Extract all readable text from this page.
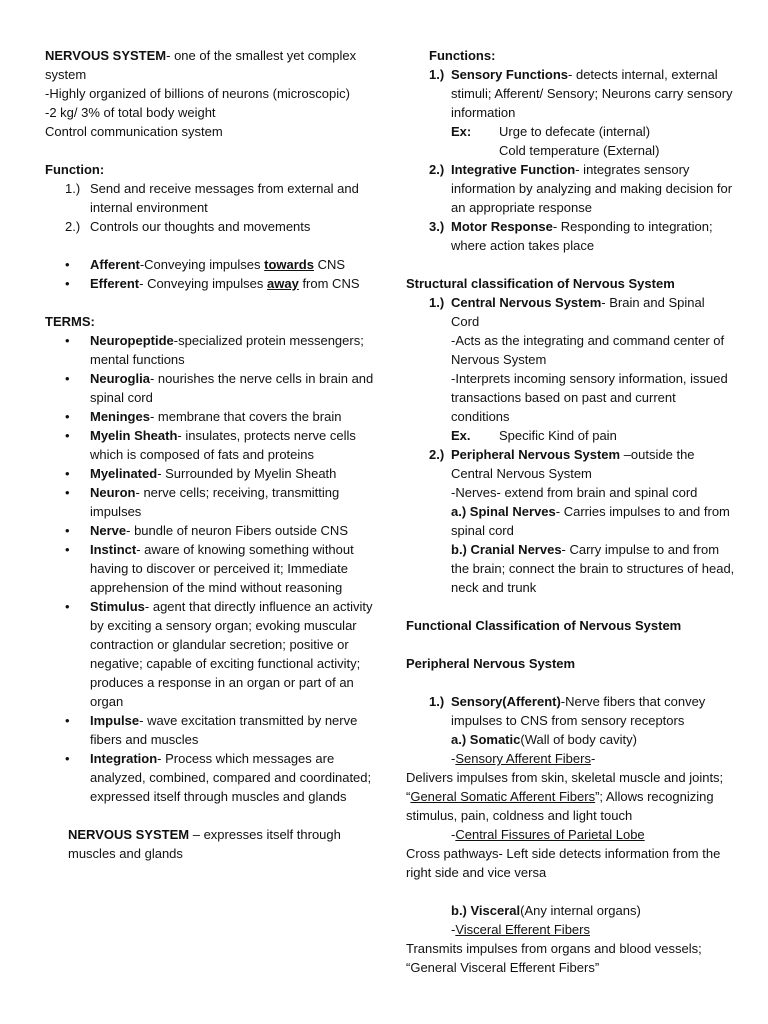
NERVOUS SYSTEM- one of the smallest yet complex system

-Highly organized of billions of neurons (microscopic)

-2 kg/ 3% of total body weight

Control communication system

Function:

1.) Send and receive messages from external and internal environment
2.) Controls our thoughts and movements
•	Afferent-Conveying impulses towards CNS
•	Efferent- Conveying impulses away from CNS

TERMS:

•	Neuropeptide-specialized protein messengers; mental functions
•	Neuroglia- nourishes the nerve cells in brain and spinal cord
•	Meninges- membrane that covers the brain
•	Myelin Sheath- insulates, protects nerve cells which is composed of fats and proteins
•	Myelinated- Surrounded by Myelin Sheath
•	Neuron- nerve cells; receiving, transmitting impulses
•	Nerve- bundle of neuron Fibers outside CNS
•	Instinct- aware of knowing something without having to discover or perceived it; Immediate apprehension of the mind without reasoning
•	Stimulus- agent that directly influence an activity by exciting a sensory organ; evoking muscular contraction or glandular secretion; positive or negative; capable of exciting functional activity; produces a response in an organ or part of an organ
•	Impulse- wave excitation transmitted by nerve fibers and muscles
•	Integration- Process which messages are analyzed, combined, compared and coordinated; expressed itself through muscles and glands

NERVOUS SYSTEM – expresses itself through muscles and glands

Functions:

1.) Sensory Functions- detects internal, external stimuli; Afferent/ Sensory; Neurons carry sensory information
Ex:	Urge to defecate (internal)

Cold temperature (External)

2.) Integrative Function- integrates sensory information by analyzing and making decision for an appropriate response
3.) Motor Response- Responding to integration; where action takes place

Structural classification of Nervous System

1.) Central Nervous System- Brain and Spinal Cord

-Acts as the integrating and command center of Nervous System

-Interprets incoming sensory information, issued transactions based on past and current conditions

Ex.	Specific Kind of pain
2.) Peripheral Nervous System –outside the Central Nervous System

-Nerves- extend from brain and spinal cord

a.) Spinal Nerves- Carries impulses to and from spinal cord

b.) Cranial Nerves- Carry impulse to and from the brain; connect the brain to structures of head, neck and trunk

Functional Classification of Nervous System

Peripheral Nervous System

1.) Sensory(Afferent)-Nerve fibers that convey impulses to CNS from sensory receptors

a.) Somatic(Wall of body cavity)

-Sensory Afferent Fibers-

Delivers impulses from skin, skeletal muscle and joints; “General Somatic Afferent Fibers”; Allows recognizing stimulus, pain, coldness and light touch

-Central Fissures of Parietal Lobe

Cross pathways- Left side detects information from the right side and vice versa

b.) Visceral(Any internal organs)

-Visceral Efferent Fibers

Transmits impulses from organs and blood vessels; “General Visceral Efferent Fibers”
